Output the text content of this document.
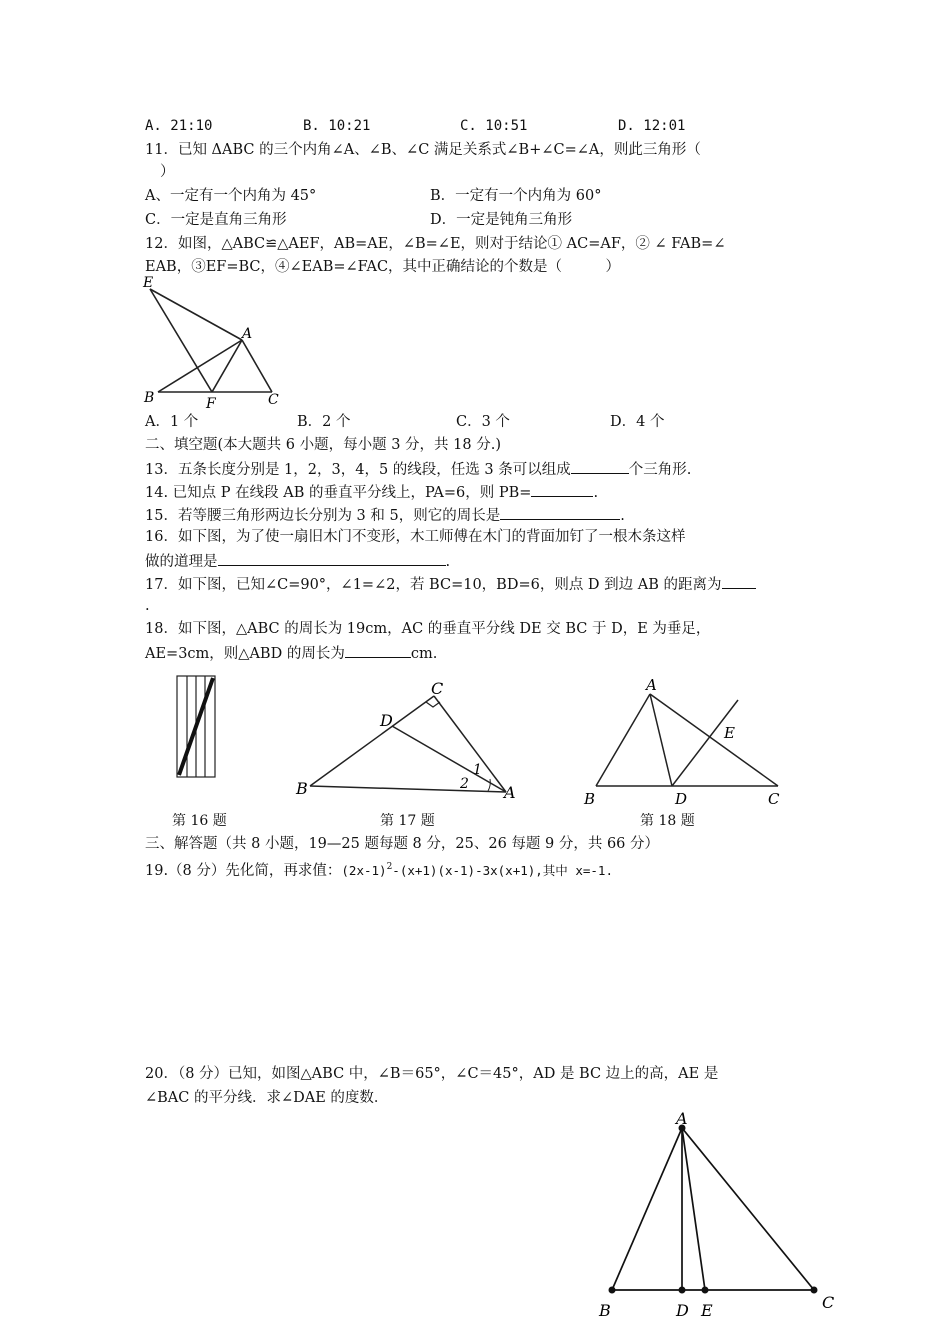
A. 21:10	B. 10:21	C. 10:51	D. 12:01
11．已知 ΔABC 的三个内角∠A、∠B、∠C 满足关系式∠B+∠C=∠A，则此三角形（
）
A、一定有一个内角为 45°	B．一定有一个内角为 60°
C．一定是直角三角形	D．一定是钝角三角形
12．如图，△ABC≌△AEF，AB=AE，∠B=∠E，则对于结论① AC=AF，② ∠ FAB=∠
EAB，③EF=BC，④∠EAB=∠FAC，其中正确结论的个数是（　　　）
E
A
B	F	C
A．1 个	B．2 个	C．3 个	D．4 个
二、填空题(本大题共 6 小题，每小题 3 分，共 18 分.)
13．五条长度分别是 1，2，3，4，5 的线段，任选 3 条可以组成	个三角形.
14. 已知点 P 在线段 AB 的垂直平分线上，PA=6，则 PB=	.
15．若等腰三角形两边长分别为 3 和 5，则它的周长是	.
16．如下图，为了使一扇旧木门不变形，木工师傅在木门的背面加钉了一根木条这样
做的道理是	.
17．如下图，已知∠C=90°，∠1=∠2，若 BC=10，BD=6，则点 D 到边 AB 的距离为
.
18．如下图，△ABC 的周长为 19cm，AC 的垂直平分线 DE 交 BC 于 D，E 为垂足，
AE=3cm，则△ABD 的周长为	cm.
C
D
B	A
1
2
A
E
B	D	C
第 16 题	第 17 题	第 18 题
三、解答题（共 8 小题，19—25 题每题 8 分，25、26 每题 9 分，共 66 分）
19.（8 分）先化简，再求值：$(2x-1)^2-(x+1)(x-1)-3x(x+1)$,其中 x=-1.
20．（8 分）已知，如图△ABC 中，∠B＝65°，∠C＝45°，AD 是 BC 边上的高，AE 是
∠BAC 的平分线．求∠DAE 的度数．
A
B	D E	C
